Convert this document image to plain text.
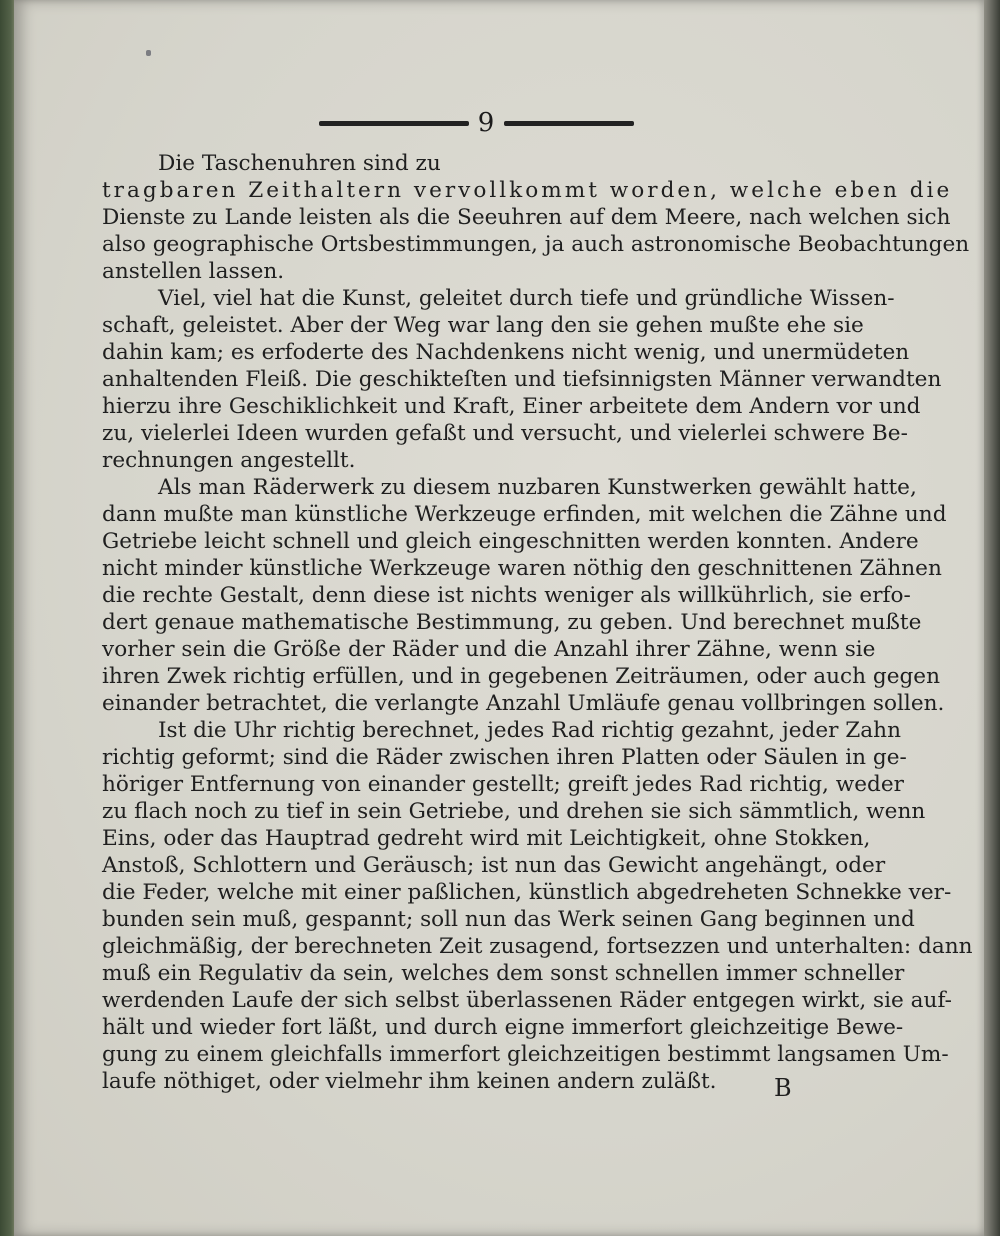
9
Die Taschenuhren sind zu
tragbaren Zeithaltern vervollkommt worden, welche eben die
Dienste zu Lande leisten als die Seeuhren auf dem Meere, nach welchen sich
also geographische Ortsbestimmungen, ja auch astronomische Beobachtungen
anstellen lassen.
Viel, viel hat die Kunst, geleitet durch tiefe und gründliche Wissen-
schaft, geleistet. Aber der Weg war lang den sie gehen mußte ehe sie
dahin kam; es erfoderte des Nachdenkens nicht wenig, und unermüdeten
anhaltenden Fleiß. Die geschikteſten und tiefsinnigsten Männer verwandten
hierzu ihre Geschiklichkeit und Kraft, Einer arbeitete dem Andern vor und
zu, vielerlei Ideen wurden gefaßt und versucht, und vielerlei schwere Be-
rechnungen angestellt.
Als man Räderwerk zu diesem nuzbaren Kunstwerken gewählt hatte,
dann mußte man künstliche Werkzeuge erfinden, mit welchen die Zähne und
Getriebe leicht schnell und gleich eingeschnitten werden konnten. Andere
nicht minder künstliche Werkzeuge waren nöthig den geschnittenen Zähnen
die rechte Gestalt, denn diese ist nichts weniger als willkührlich, sie erfo-
dert genaue mathematische Bestimmung, zu geben. Und berechnet mußte
vorher sein die Größe der Räder und die Anzahl ihrer Zähne, wenn sie
ihren Zwek richtig erfüllen, und in gegebenen Zeiträumen, oder auch gegen
einander betrachtet, die verlangte Anzahl Umläufe genau vollbringen sollen.
Ist die Uhr richtig berechnet, jedes Rad richtig gezahnt, jeder Zahn
richtig geformt; sind die Räder zwischen ihren Platten oder Säulen in ge-
höriger Entfernung von einander gestellt; greift jedes Rad richtig, weder
zu flach noch zu tief in sein Getriebe, und drehen sie sich sämmtlich, wenn
Eins, oder das Hauptrad gedreht wird mit Leichtigkeit, ohne Stokken,
Anstoß, Schlottern und Geräusch; ist nun das Gewicht angehängt, oder
die Feder, welche mit einer paßlichen, künstlich abgedreheten Schnekke ver-
bunden sein muß, gespannt; soll nun das Werk seinen Gang beginnen und
gleichmäßig, der berechneten Zeit zusagend, fortsezzen und unterhalten: dann
muß ein Regulativ da sein, welches dem sonst schnellen immer schneller
werdenden Laufe der sich selbst überlassenen Räder entgegen wirkt, sie auf-
hält und wieder fort läßt, und durch eigne immerfort gleichzeitige Bewe-
gung zu einem gleichfalls immerfort gleichzeitigen bestimmt langsamen Um-
laufe nöthiget, oder vielmehr ihm keinen andern zuläßt.	B
